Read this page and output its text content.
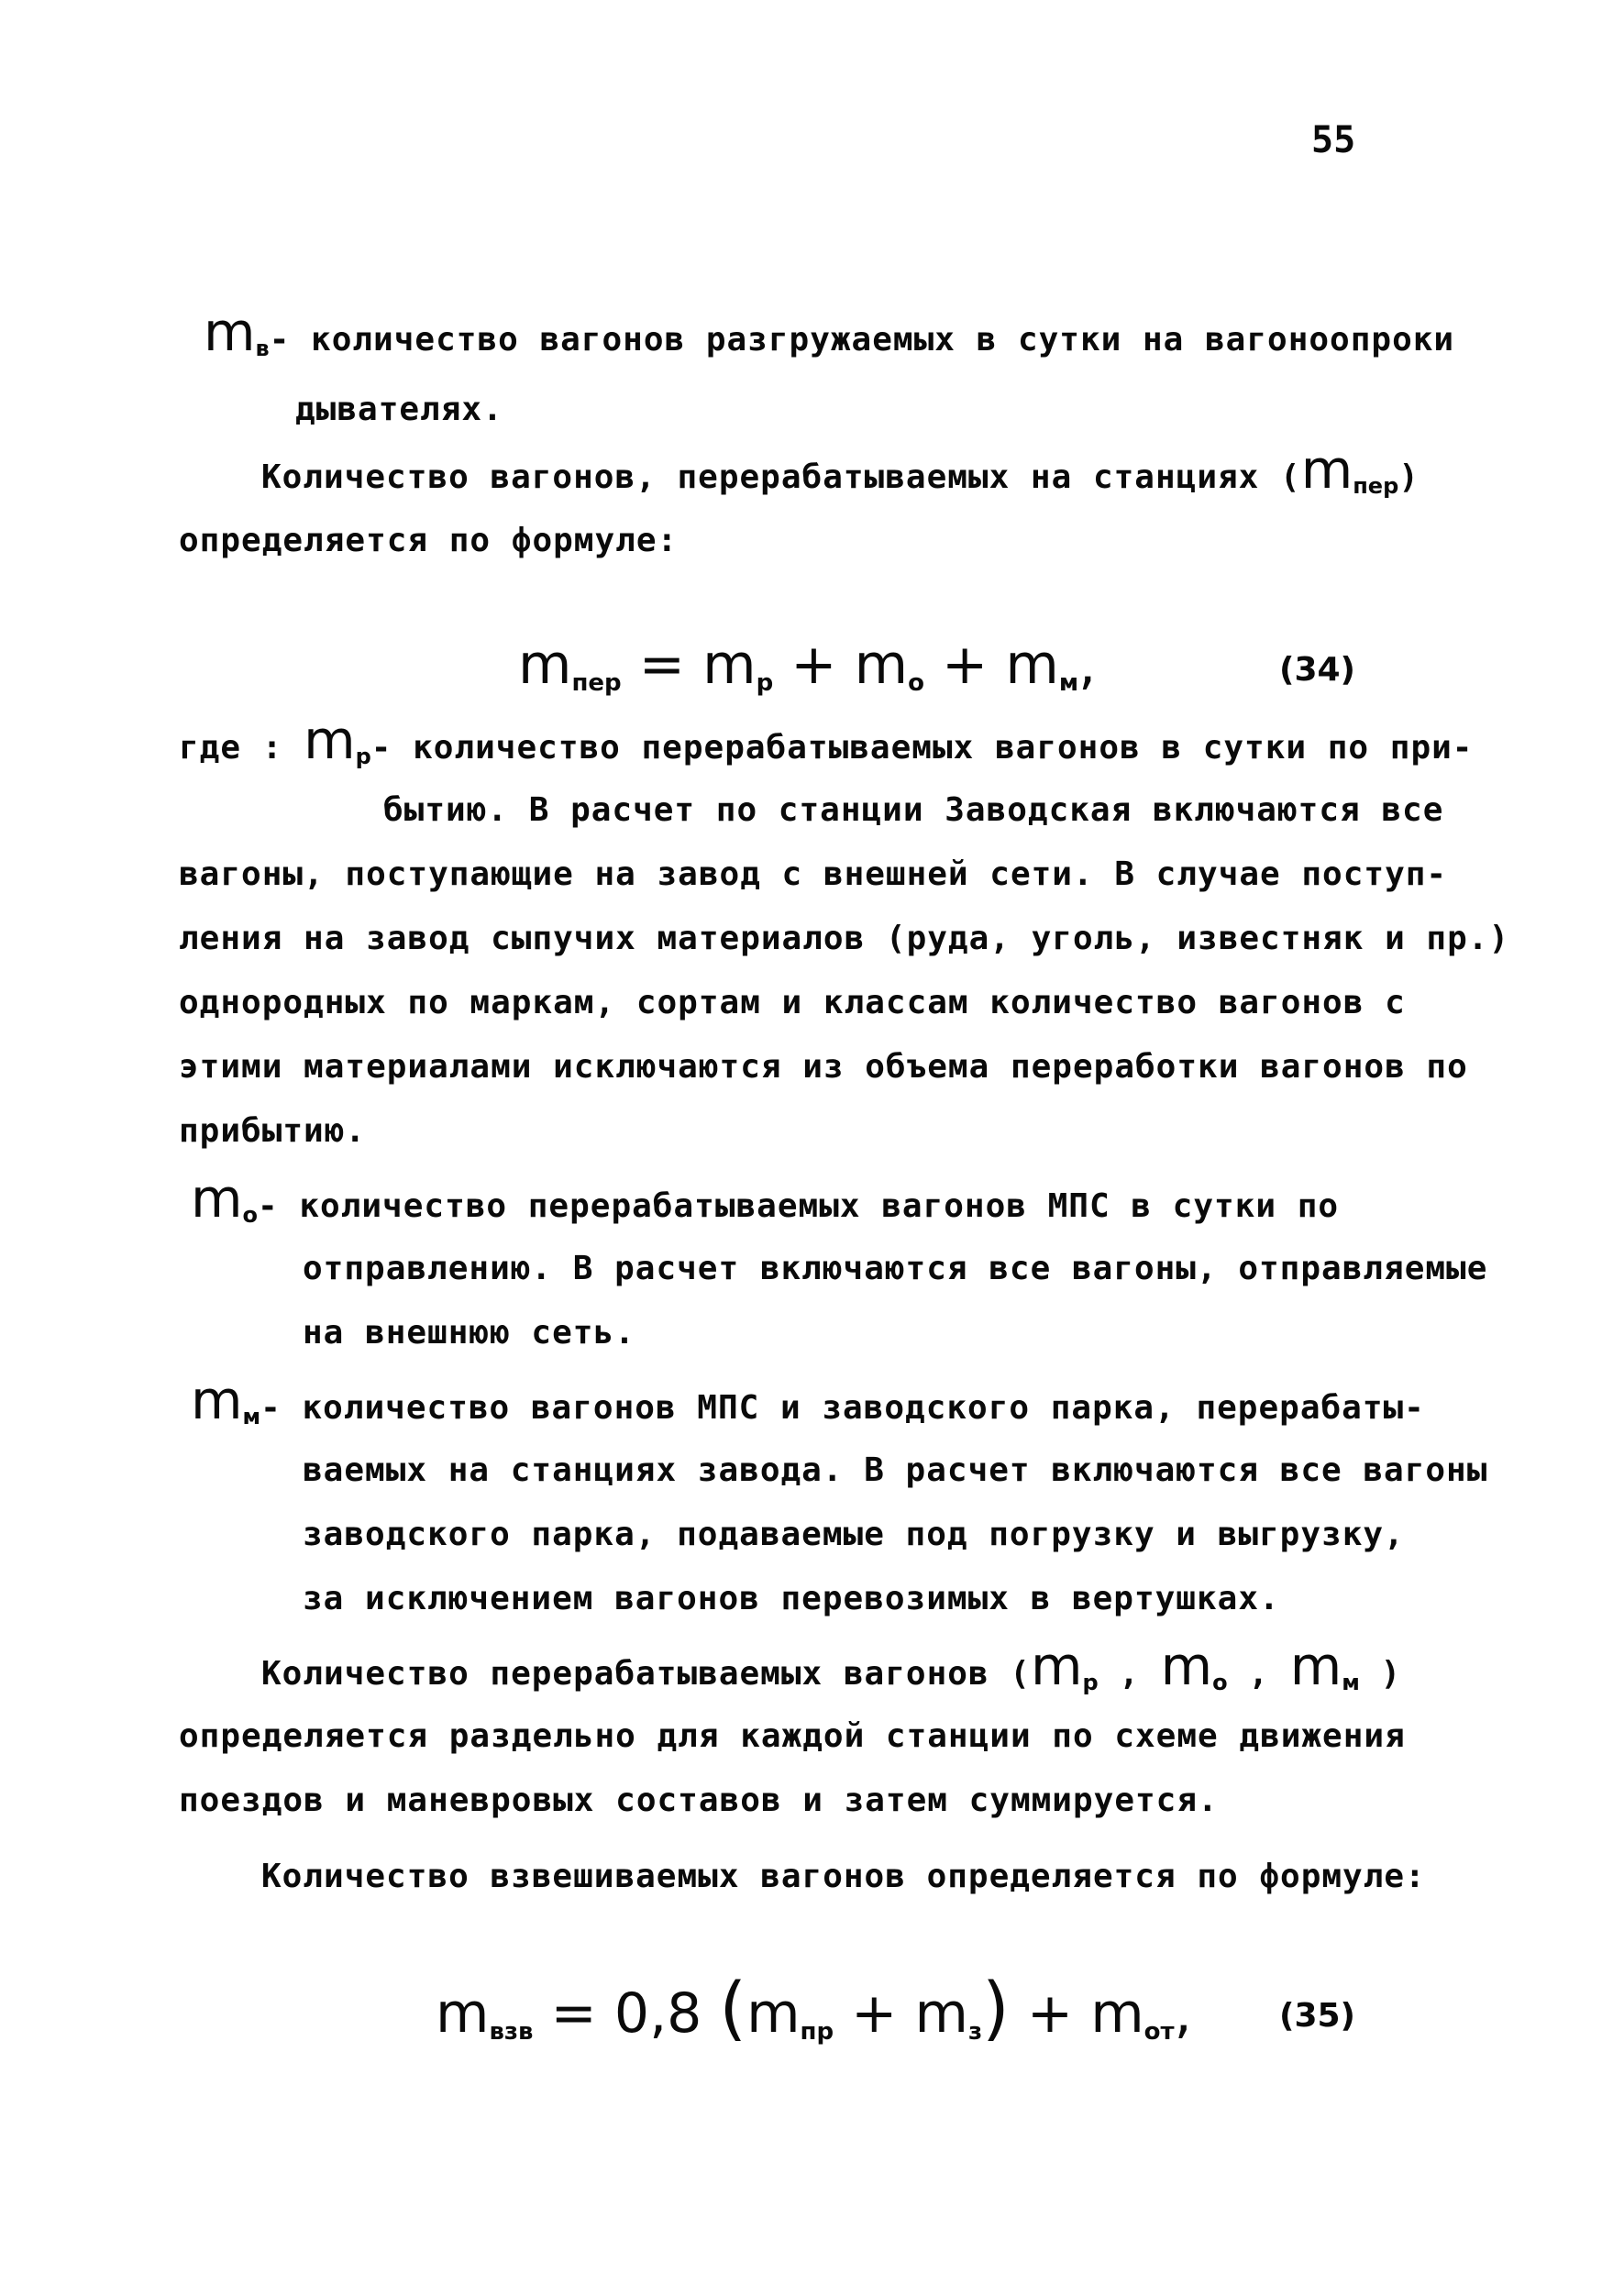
55
$m_в-$ количество вагонов разгружаемых в сутки на вагоноопроки
дывателях.
Количество вагонов, перерабатываемых на станциях $(m_{пер})$
определяется по формуле:
$m_{пер} = m_р + m_о + m_м$,	(34)
где : $m_р-$ количество перерабатываемых вагонов в сутки по при-
бытию. В расчет по станции Заводская включаются все
вагоны, поступающие на завод с внешней сети. В случае поступ-
ления на завод сыпучих материалов (руда, уголь, известняк и пр.)
однородных по маркам, сортам и классам количество вагонов с
этими материалами исключаются из объема переработки вагонов по
прибытию.
$m_о-$ количество перерабатываемых вагонов МПС в сутки по
отправлению. В расчет включаются все вагоны, отправляемые
на внешнюю сеть.
$m_м-$ количество вагонов МПС и заводского парка, перерабаты-
ваемых на станциях завода. В расчет включаются все вагоны
заводского парка, подаваемые под погрузку и выгрузку,
за исключением вагонов перевозимых в вертушках.
Количество перерабатываемых вагонов ($m_р$ , $m_о$ , $m_м$ )
определяется раздельно для каждой станции по схеме движения
поездов и маневровых составов и затем суммируется.
Количество взвешиваемых вагонов определяется по формуле:
$m_{взв} = 0,8$ $(m_{пр} + m_з) + m_{от}$,	(35)
